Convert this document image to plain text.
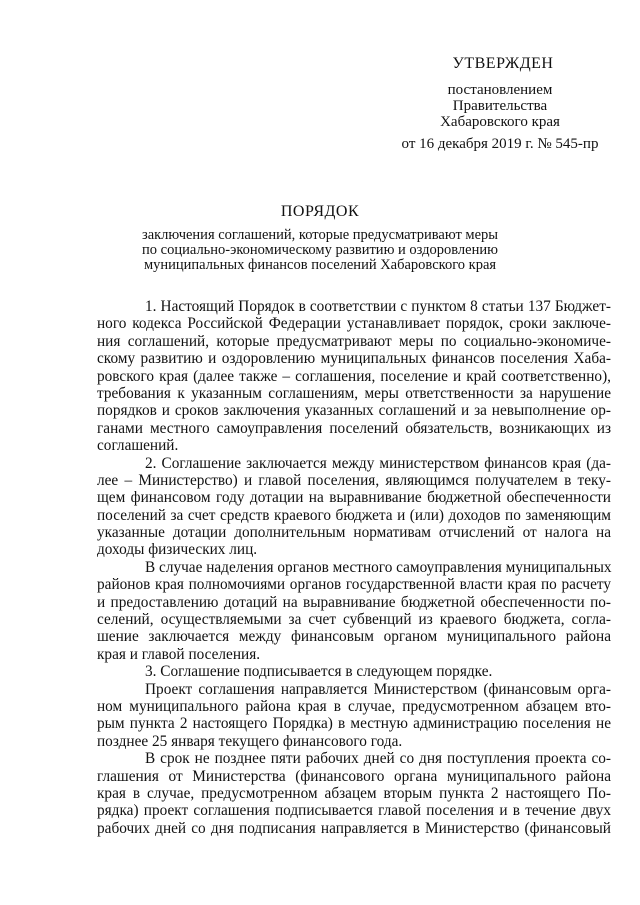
УТВЕРЖДЕН
постановлением
Правительства
Хабаровского края
от 16 декабря 2019 г. № 545-пр
ПОРЯДОК
заключения соглашений, которые предусматривают меры
по социально-экономическому развитию и оздоровлению
муниципальных финансов поселений Хабаровского края
1. Настоящий Порядок в соответствии с пунктом 8 статьи 137 Бюджет-
ного кодекса Российской Федерации устанавливает порядок, сроки заключе-
ния соглашений, которые предусматривают меры по социально-экономиче-
скому развитию и оздоровлению муниципальных финансов поселения Хаба-
ровского края (далее также – соглашения, поселение и край соответственно),
требования к указанным соглашениям, меры ответственности за нарушение
порядков и сроков заключения указанных соглашений и за невыполнение ор-
ганами местного самоуправления поселений обязательств, возникающих из
соглашений.
2. Соглашение заключается между министерством финансов края (да-
лее – Министерство) и главой поселения, являющимся получателем в теку-
щем финансовом году дотации на выравнивание бюджетной обеспеченности
поселений за счет средств краевого бюджета и (или) доходов по заменяющим
указанные дотации дополнительным нормативам отчислений от налога на
доходы физических лиц.
В случае наделения органов местного самоуправления муниципальных
районов края полномочиями органов государственной власти края по расчету
и предоставлению дотаций на выравнивание бюджетной обеспеченности по-
селений, осуществляемыми за счет субвенций из краевого бюджета, согла-
шение заключается между финансовым органом муниципального района
края и главой поселения.
3. Соглашение подписывается в следующем порядке.
Проект соглашения направляется Министерством (финансовым орга-
ном муниципального района края в случае, предусмотренном абзацем вто-
рым пункта 2 настоящего Порядка) в местную администрацию поселения не
позднее 25 января текущего финансового года.
В срок не позднее пяти рабочих дней со дня поступления проекта со-
глашения от Министерства (финансового органа муниципального района
края в случае, предусмотренном абзацем вторым пункта 2 настоящего По-
рядка) проект соглашения подписывается главой поселения и в течение двух
рабочих дней со дня подписания направляется в Министерство (финансовый
